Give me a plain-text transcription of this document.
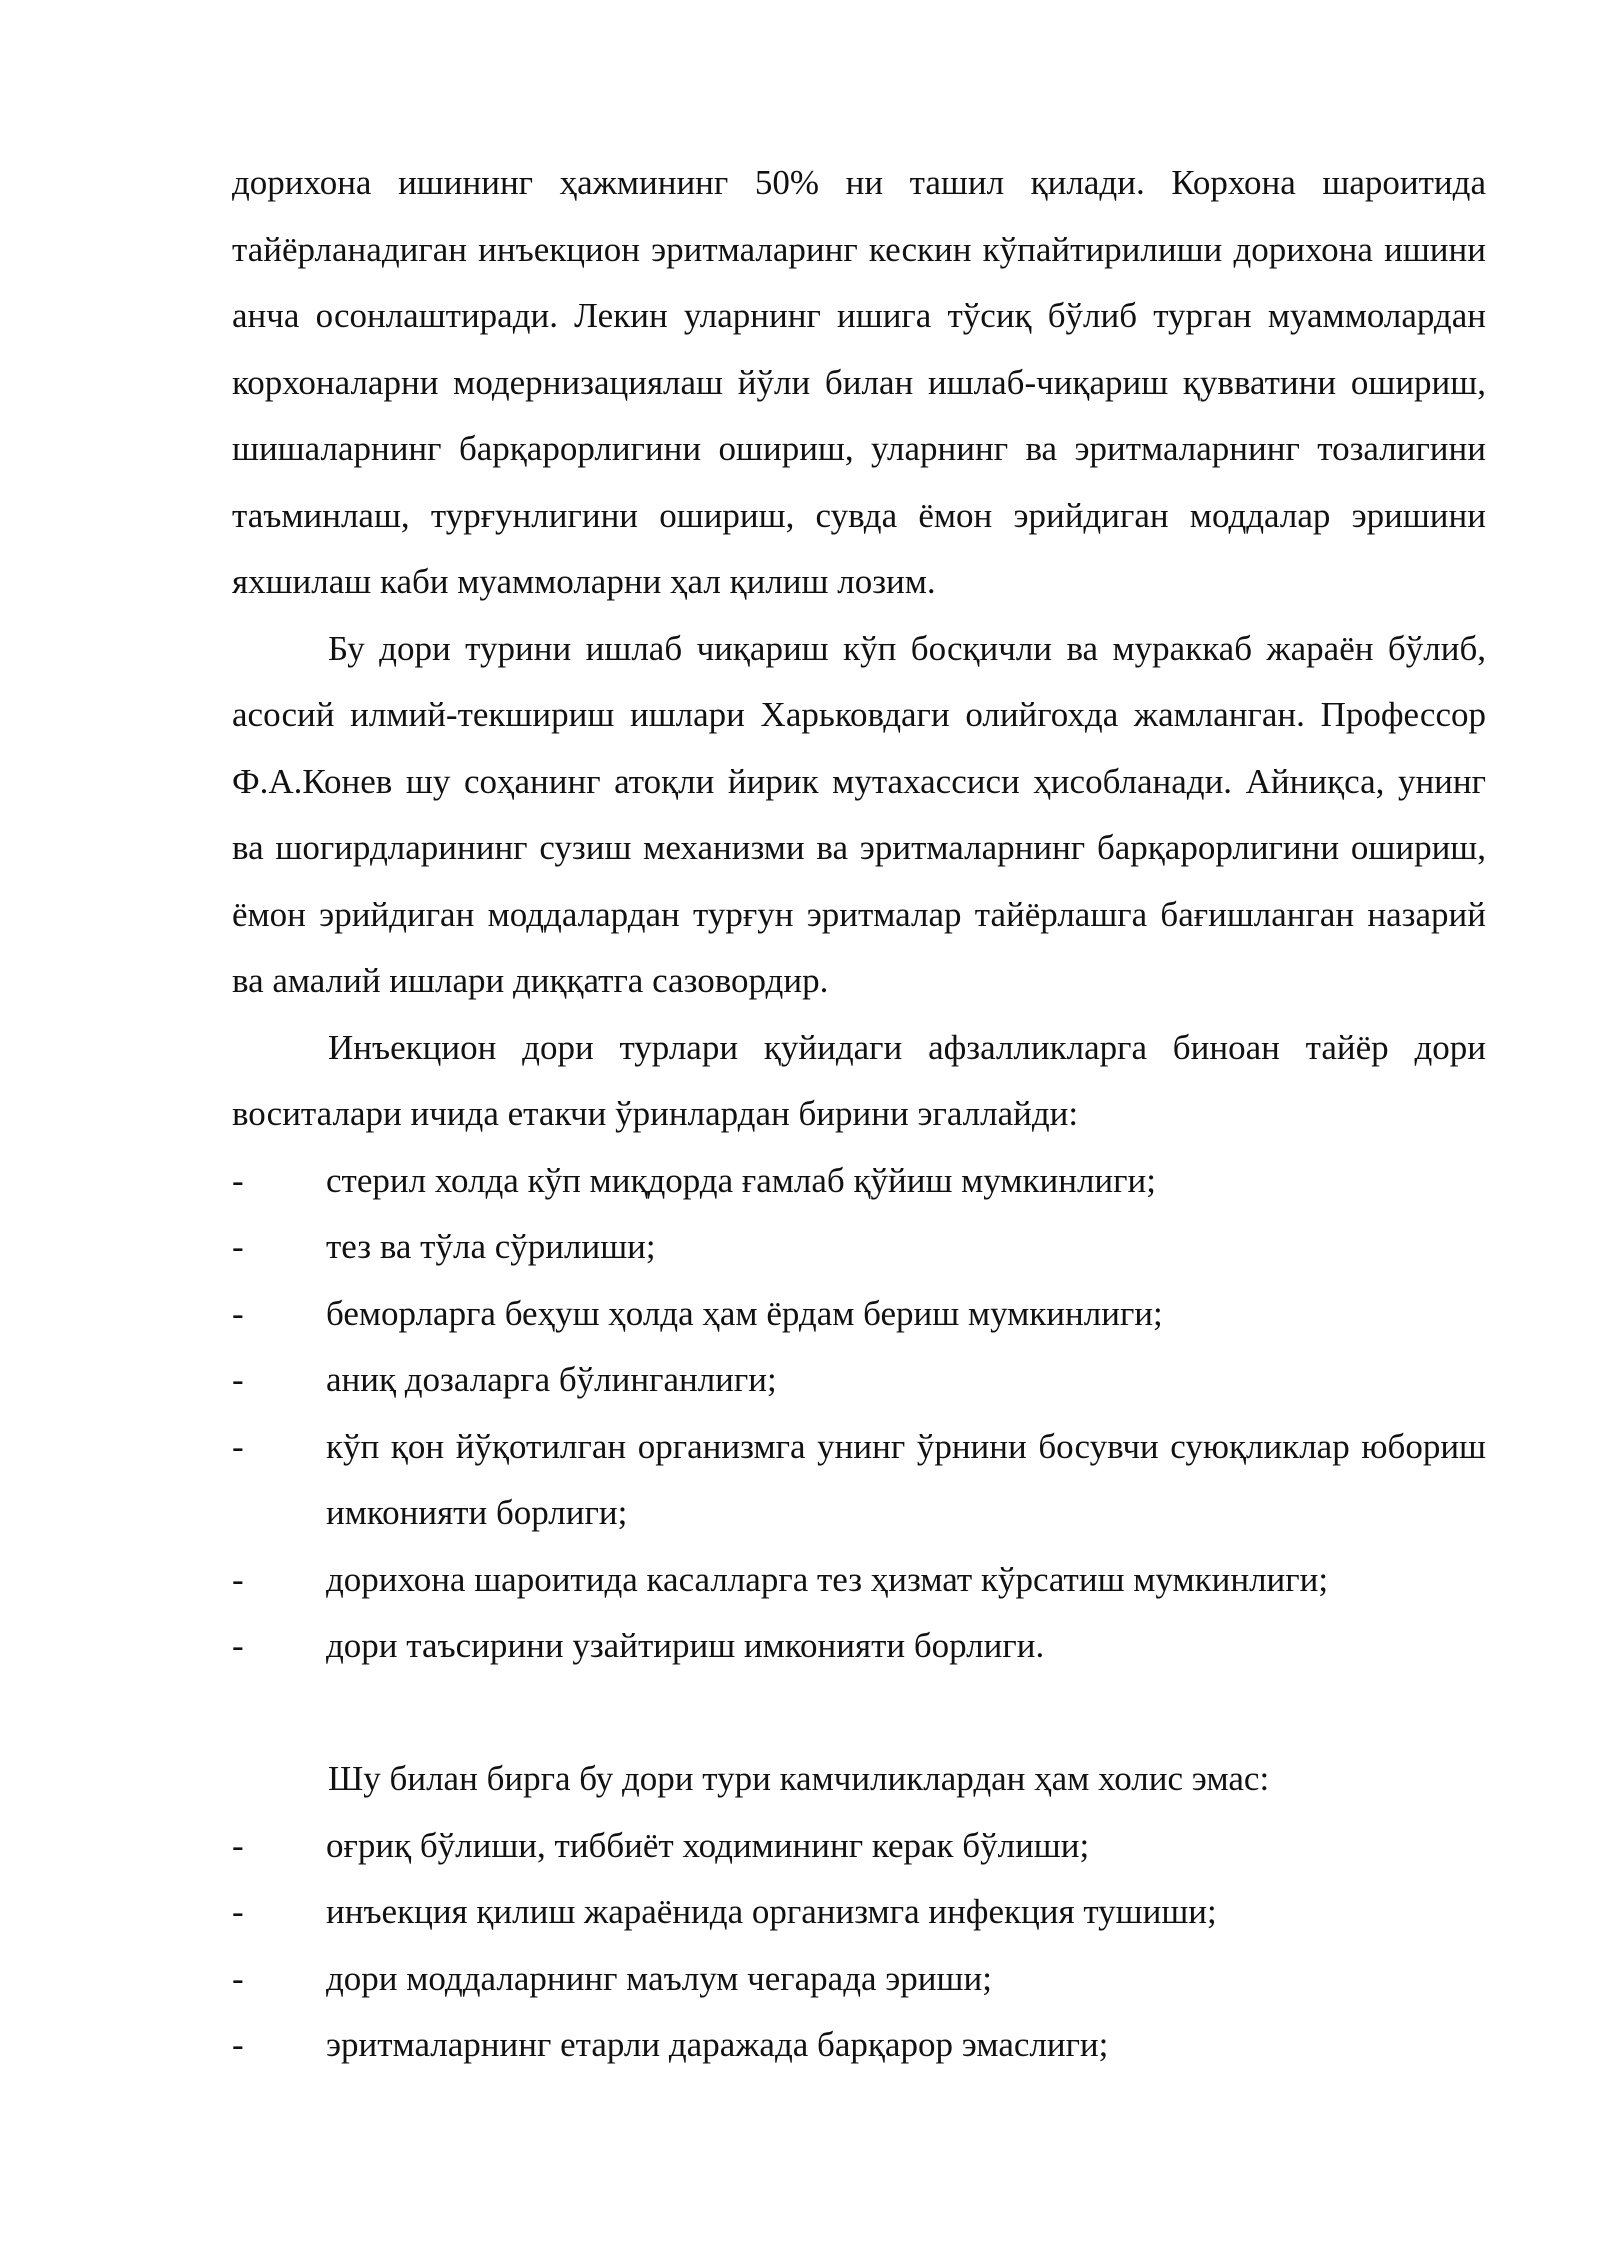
дорихона ишининг ҳажмининг 50% ни ташил қилади. Корхона шароитида тайёрланадиган инъекцион эритмаларинг кескин кўпайтирилиши дорихона ишини анча осонлаштиради. Лекин уларнинг ишига тўсиқ бўлиб турган муаммолардан корхоналарни модернизациялаш йўли билан ишлаб-чиқариш қувватини ошириш, шишаларнинг барқарорлигини ошириш, уларнинг ва эритмаларнинг тозалигини таъминлаш, турғунлигини ошириш, сувда ёмон эрийдиган моддалар эришини яхшилаш каби муаммоларни ҳал қилиш лозим.

Бу дори турини ишлаб чиқариш кўп босқичли ва мураккаб жараён бўлиб, асосий илмий-текшириш ишлари Харьковдаги олийгохда жамланган. Профессор Ф.А.Конев шу соҳанинг атоқли йирик мутахассиси ҳисобланади. Айниқса, унинг ва шогирдларининг сузиш механизми ва эритмаларнинг барқарорлигини ошириш, ёмон эрийдиган моддалардан турғун эритмалар тайёрлашга бағишланган назарий ва амалий ишлари диққатга сазовордир.

Инъекцион дори турлари қуйидаги афзалликларга биноан тайёр дори воситалари ичида етакчи ўринлардан бирини эгаллайди:

-	стерил холда кўп миқдорда ғамлаб қўйиш мумкинлиги;
-	тез ва тўла сўрилиши;
-	беморларга беҳуш ҳолда ҳам ёрдам бериш мумкинлиги;
-	аниқ дозаларга бўлинганлиги;
-	кўп қон йўқотилган организмга унинг ўрнини босувчи суюқликлар юбориш имконияти борлиги;
-	дорихона шароитида касалларга тез ҳизмат кўрсатиш мумкинлиги;
-	дори таъсирини узайтириш имконияти борлиги.

Шу билан бирга бу дори тури камчиликлардан ҳам холис эмас:

-	оғриқ бўлиши, тиббиёт ходимининг керак бўлиши;
-	инъекция қилиш жараёнида организмга инфекция тушиши;
-	дори моддаларнинг маълум чегарада эриши;
-	эритмаларнинг етарли даражада барқарор эмаслиги;
